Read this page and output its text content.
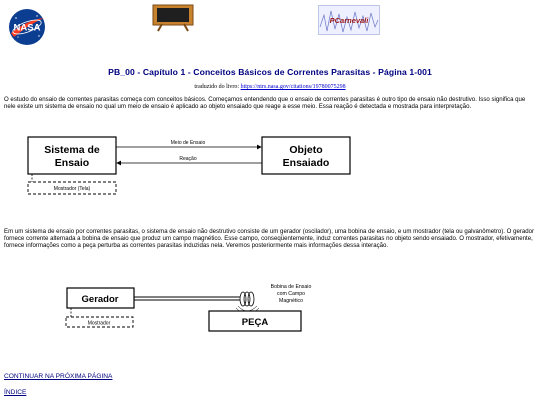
NASA
PCarnevali
PB_00 - Capítulo 1 - Conceitos Básicos de Correntes Parasitas - Página 1-001
traduzido do livro: https://ntrs.nasa.gov/citations/19780075298
O estudo do ensaio de correntes parasitas começa com conceitos básicos. Começamos entendendo que o ensaio de correntes parasitas é outro tipo de ensaio não destrutivo. Isso significa que nele existe um sistema de ensaio no qual um meio de ensaio é aplicado ao objeto ensaiado que reage a esse meio. Essa reação é detectada e mostrada para interpretação.
Sistema de
Ensaio
Objeto
Ensaiado
Meio de Ensaio
Reação
Mostrador (Tela)
Em um sistema de ensaio por correntes parasitas, o sistema de ensaio não destrutivo consiste de um gerador (oscilador), uma bobina de ensaio, e um mostrador (tela ou galvanômetro). O gerador fornece corrente alternada a bobina de ensaio que produz um campo magnético. Esse campo, conseqüentemente, induz correntes parasitas no objeto sendo ensaiado. O mostrador, efetivamente, fornece informações como a peça perturba as correntes parasitas induzidas nela. Veremos posteriormente mais informações dessa interação.
Gerador
Bobina de Ensaio
com Campo
Magnético
Mostrador	PEÇA
CONTINUAR NA PRÓXIMA PÁGINA
ÍNDICE
